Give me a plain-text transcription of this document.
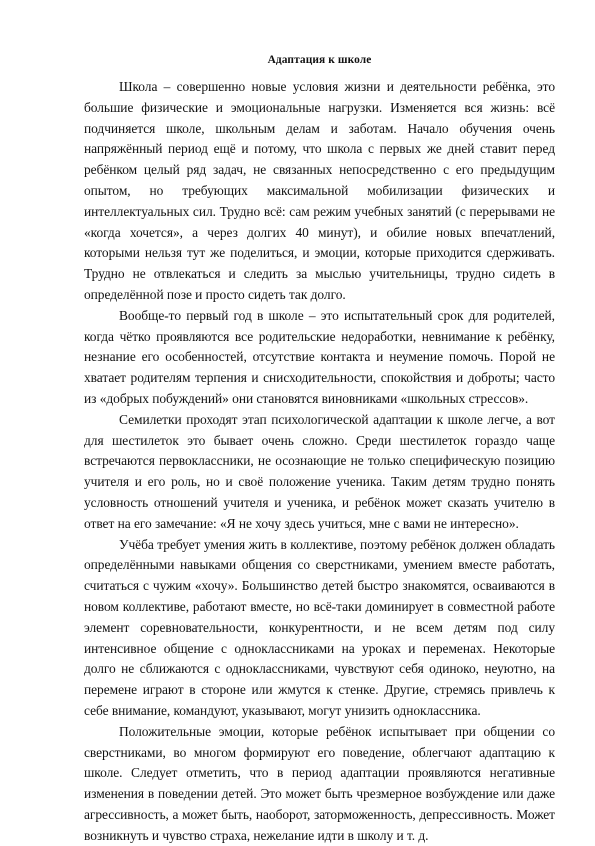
Адаптация к школе

Школа – совершенно новые условия жизни и деятельности ребёнка, это большие физические и эмоциональные нагрузки. Изменяется вся жизнь: всё подчиняется школе, школьным делам и заботам. Начало обучения очень напряжённый период ещё и потому, что школа с первых же дней ставит перед ребёнком целый ряд задач, не связанных непосредственно с его предыдущим опытом, но требующих максимальной мобилизации физических и интеллектуальных сил. Трудно всё: сам режим учебных занятий (с перерывами не «когда хочется», а через долгих 40 минут), и обилие новых впечатлений, которыми нельзя тут же поделиться, и эмоции, которые приходится сдерживать. Трудно не отвлекаться и следить за мыслью учительницы, трудно сидеть в определённой позе и просто сидеть так долго.

Вообще-то первый год в школе – это испытательный срок для родителей, когда чётко проявляются все родительские недоработки, невнимание к ребёнку, незнание его особенностей, отсутствие контакта и неумение помочь. Порой не хватает родителям терпения и снисходительности, спокойствия и доброты; часто из «добрых побуждений» они становятся виновниками «школьных стрессов».

Семилетки проходят этап психологической адаптации к школе легче, а вот для шестилеток это бывает очень сложно. Среди шестилеток гораздо чаще встречаются первоклассники, не осознающие не только специфическую позицию учителя и его роль, но и своё положение ученика. Таким детям трудно понять условность отношений учителя и ученика, и ребёнок может сказать учителю в ответ на его замечание: «Я не хочу здесь учиться, мне с вами не интересно».

Учёба требует умения жить в коллективе, поэтому ребёнок должен обладать определёнными навыками общения со сверстниками, умением вместе работать, считаться с чужим «хочу». Большинство детей быстро знакомятся, осваиваются в новом коллективе, работают вместе, но всё-таки доминирует в совместной работе элемент соревновательности, конкурентности, и не всем детям под силу интенсивное общение с одноклассниками на уроках и переменах. Некоторые долго не сближаются с одноклассниками, чувствуют себя одиноко, неуютно, на перемене играют в стороне или жмутся к стенке. Другие, стремясь привлечь к себе внимание, командуют, указывают, могут унизить одноклассника.

Положительные эмоции, которые ребёнок испытывает при общении со сверстниками, во многом формируют его поведение, облегчают адаптацию к школе. Следует отметить, что в период адаптации проявляются негативные изменения в поведении детей. Это может быть чрезмерное возбуждение или даже агрессивность, а может быть, наоборот, заторможенность, депрессивность. Может возникнуть и чувство страха, нежелание идти в школу и т. д.
